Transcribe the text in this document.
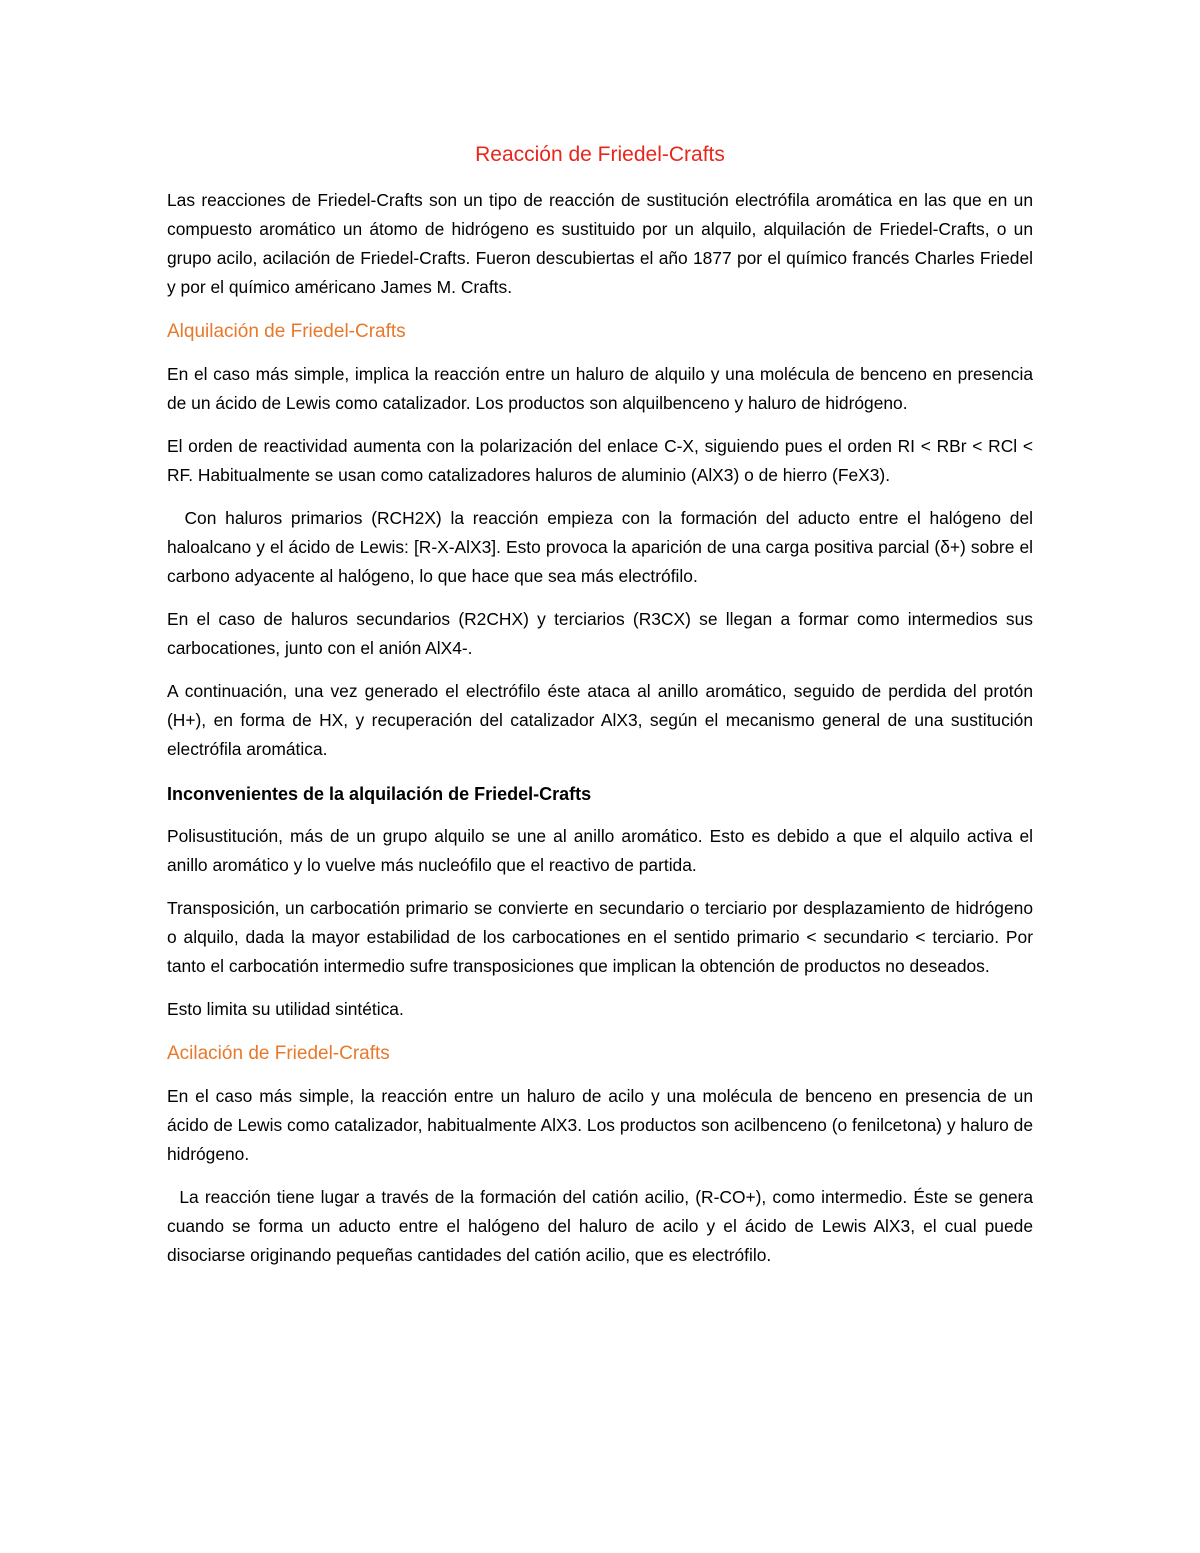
Reacción de Friedel-Crafts

Las reacciones de Friedel-Crafts son un tipo de reacción de sustitución electrófila aromática en las que en un compuesto aromático un átomo de hidrógeno es sustituido por un alquilo, alquilación de Friedel-Crafts, o un grupo acilo, acilación de Friedel-Crafts. Fueron descubiertas el año 1877 por el químico francés Charles Friedel y por el químico américano James M. Crafts.

Alquilación de Friedel-Crafts

En el caso más simple, implica la reacción entre un haluro de alquilo y una molécula de benceno en presencia de un ácido de Lewis como catalizador. Los productos son alquilbenceno y haluro de hidrógeno.

El orden de reactividad aumenta con la polarización del enlace C-X, siguiendo pues el orden RI < RBr < RCl < RF. Habitualmente se usan como catalizadores haluros de aluminio (AlX3) o de hierro (FeX3).

Con haluros primarios (RCH2X) la reacción empieza con la formación del aducto entre el halógeno del haloalcano y el ácido de Lewis: [R-X-AlX3]. Esto provoca la aparición de una carga positiva parcial (δ+) sobre el carbono adyacente al halógeno, lo que hace que sea más electrófilo.

En el caso de haluros secundarios (R2CHX) y terciarios (R3CX) se llegan a formar como intermedios sus carbocationes, junto con el anión AlX4-.

A continuación, una vez generado el electrófilo éste ataca al anillo aromático, seguido de perdida del protón (H+), en forma de HX, y recuperación del catalizador AlX3, según el mecanismo general de una sustitución electrófila aromática.

Inconvenientes de la alquilación de Friedel-Crafts

Polisustitución, más de un grupo alquilo se une al anillo aromático. Esto es debido a que el alquilo activa el anillo aromático y lo vuelve más nucleófilo que el reactivo de partida.

Transposición, un carbocatión primario se convierte en secundario o terciario por desplazamiento de hidrógeno o alquilo, dada la mayor estabilidad de los carbocationes en el sentido primario < secundario < terciario. Por tanto el carbocatión intermedio sufre transposiciones que implican la obtención de productos no deseados.

Esto limita su utilidad sintética.

Acilación de Friedel-Crafts

En el caso más simple, la reacción entre un haluro de acilo y una molécula de benceno en presencia de un ácido de Lewis como catalizador, habitualmente AlX3. Los productos son acilbenceno (o fenilcetona) y haluro de hidrógeno.

La reacción tiene lugar a través de la formación del catión acilio, (R-CO+), como intermedio. Éste se genera cuando se forma un aducto entre el halógeno del haluro de acilo y el ácido de Lewis AlX3, el cual puede disociarse originando pequeñas cantidades del catión acilio, que es electrófilo.
